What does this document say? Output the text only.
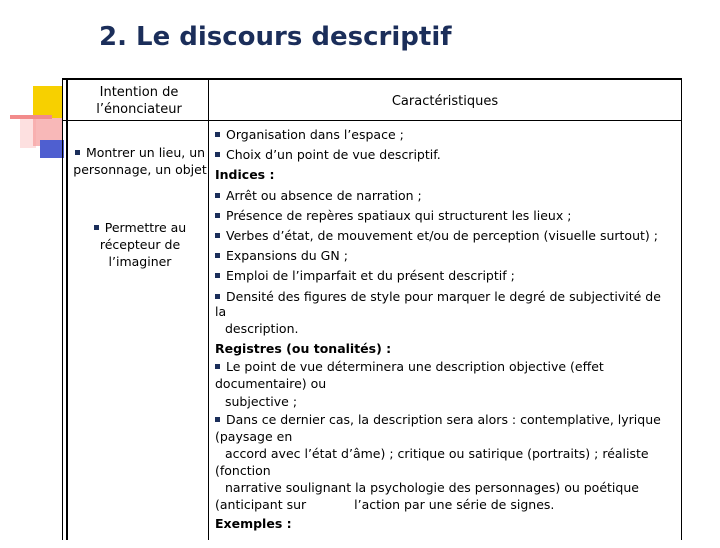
2. Le discours descriptif
Intention de l’énonciateur
Caractéristiques
Montrer un lieu, un personnage, un objet
Permettre au récepteur de l’imaginer
Organisation dans l’espace ;
Choix d’un point de vue descriptif.
Indices :
Arrêt ou absence de narration ;
Présence de repères spatiaux qui structurent les lieux ;
Verbes d’état, de mouvement et/ou de perception (visuelle surtout) ;
Expansions du GN ;
Emploi de l’imparfait et du présent descriptif ;
Densité des figures de style pour marquer le degré de subjectivité de
la
description.
Registres (ou tonalités) :
Le point de vue déterminera une description objective (effet
documentaire) ou
subjective ;
Dans ce dernier cas, la description sera alors : contemplative, lyrique
(paysage en
accord avec l’état d’âme) ; critique ou satirique (portraits) ; réaliste
(fonction
narrative soulignant la psychologie des personnages) ou poétique
(anticipant sur	l’action par une série de signes.
Exemples :
